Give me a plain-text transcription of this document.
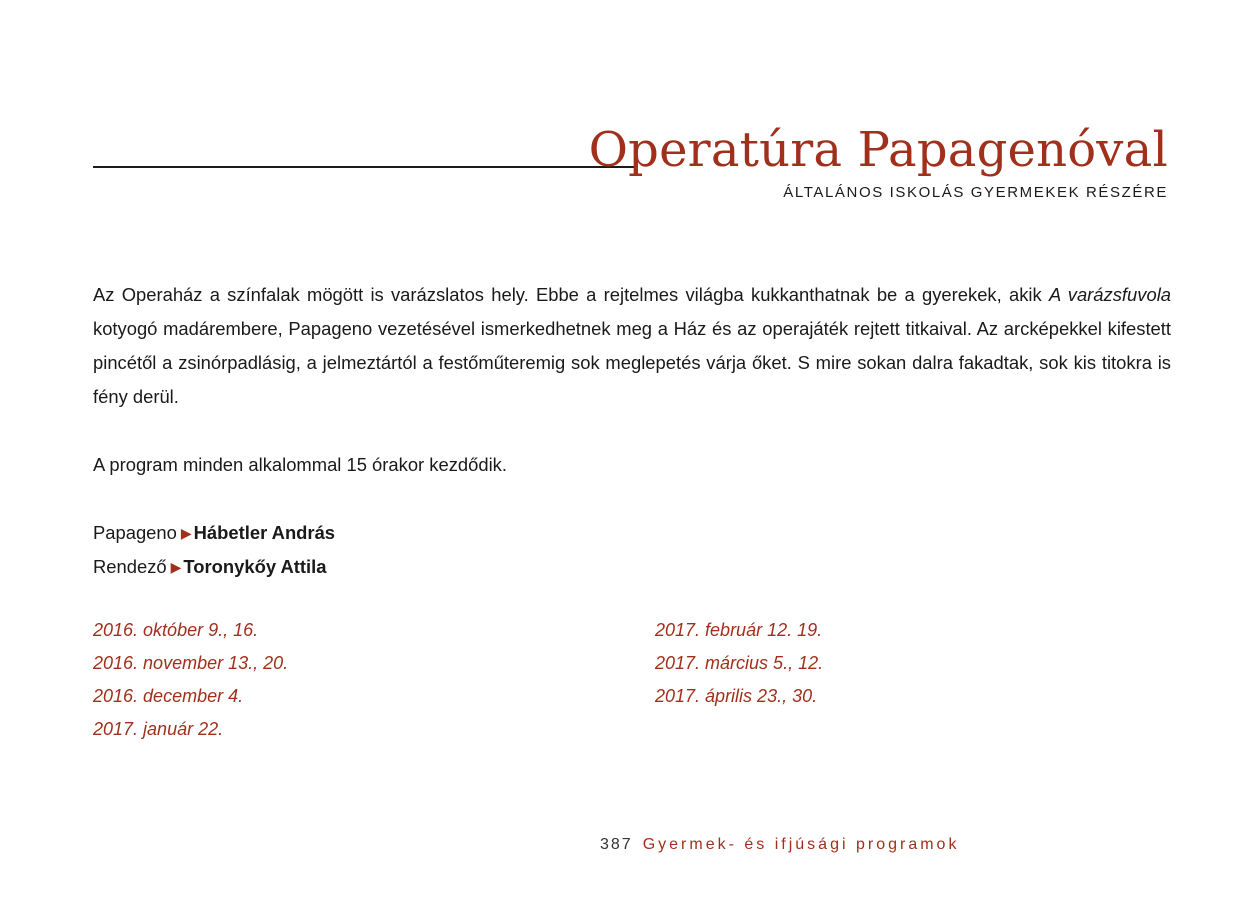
Operatúra Papagenóval
ÁLTALÁNOS ISKOLÁS GYERMEKEK RÉSZÉRE

Az Operaház a színfalak mögött is varázslatos hely. Ebbe a rejtelmes világba kukkanthatnak be a gyerekek, akik A varázsfuvola kotyogó madárembere, Papageno vezetésével ismerkedhetnek meg a Ház és az operajáték rejtett titkaival. Az arcképekkel kifestett pincétől a zsinórpadlásig, a jelmeztártól a festőműteremig sok meglepetés várja őket. S mire sokan dalra fakadtak, sok kis titokra is fény derül.

A program minden alkalommal 15 órakor kezdődik.

Papageno ▶ Hábetler András
Rendező ▶ Toronykőy Attila
2016. október 9., 16.
2016. november 13., 20.
2016. december 4.
2017. január 22.
2017. február 12. 19.
2017. március 5., 12.
2017. április 23., 30.
387 Gyermek- és ifjúsági programok
